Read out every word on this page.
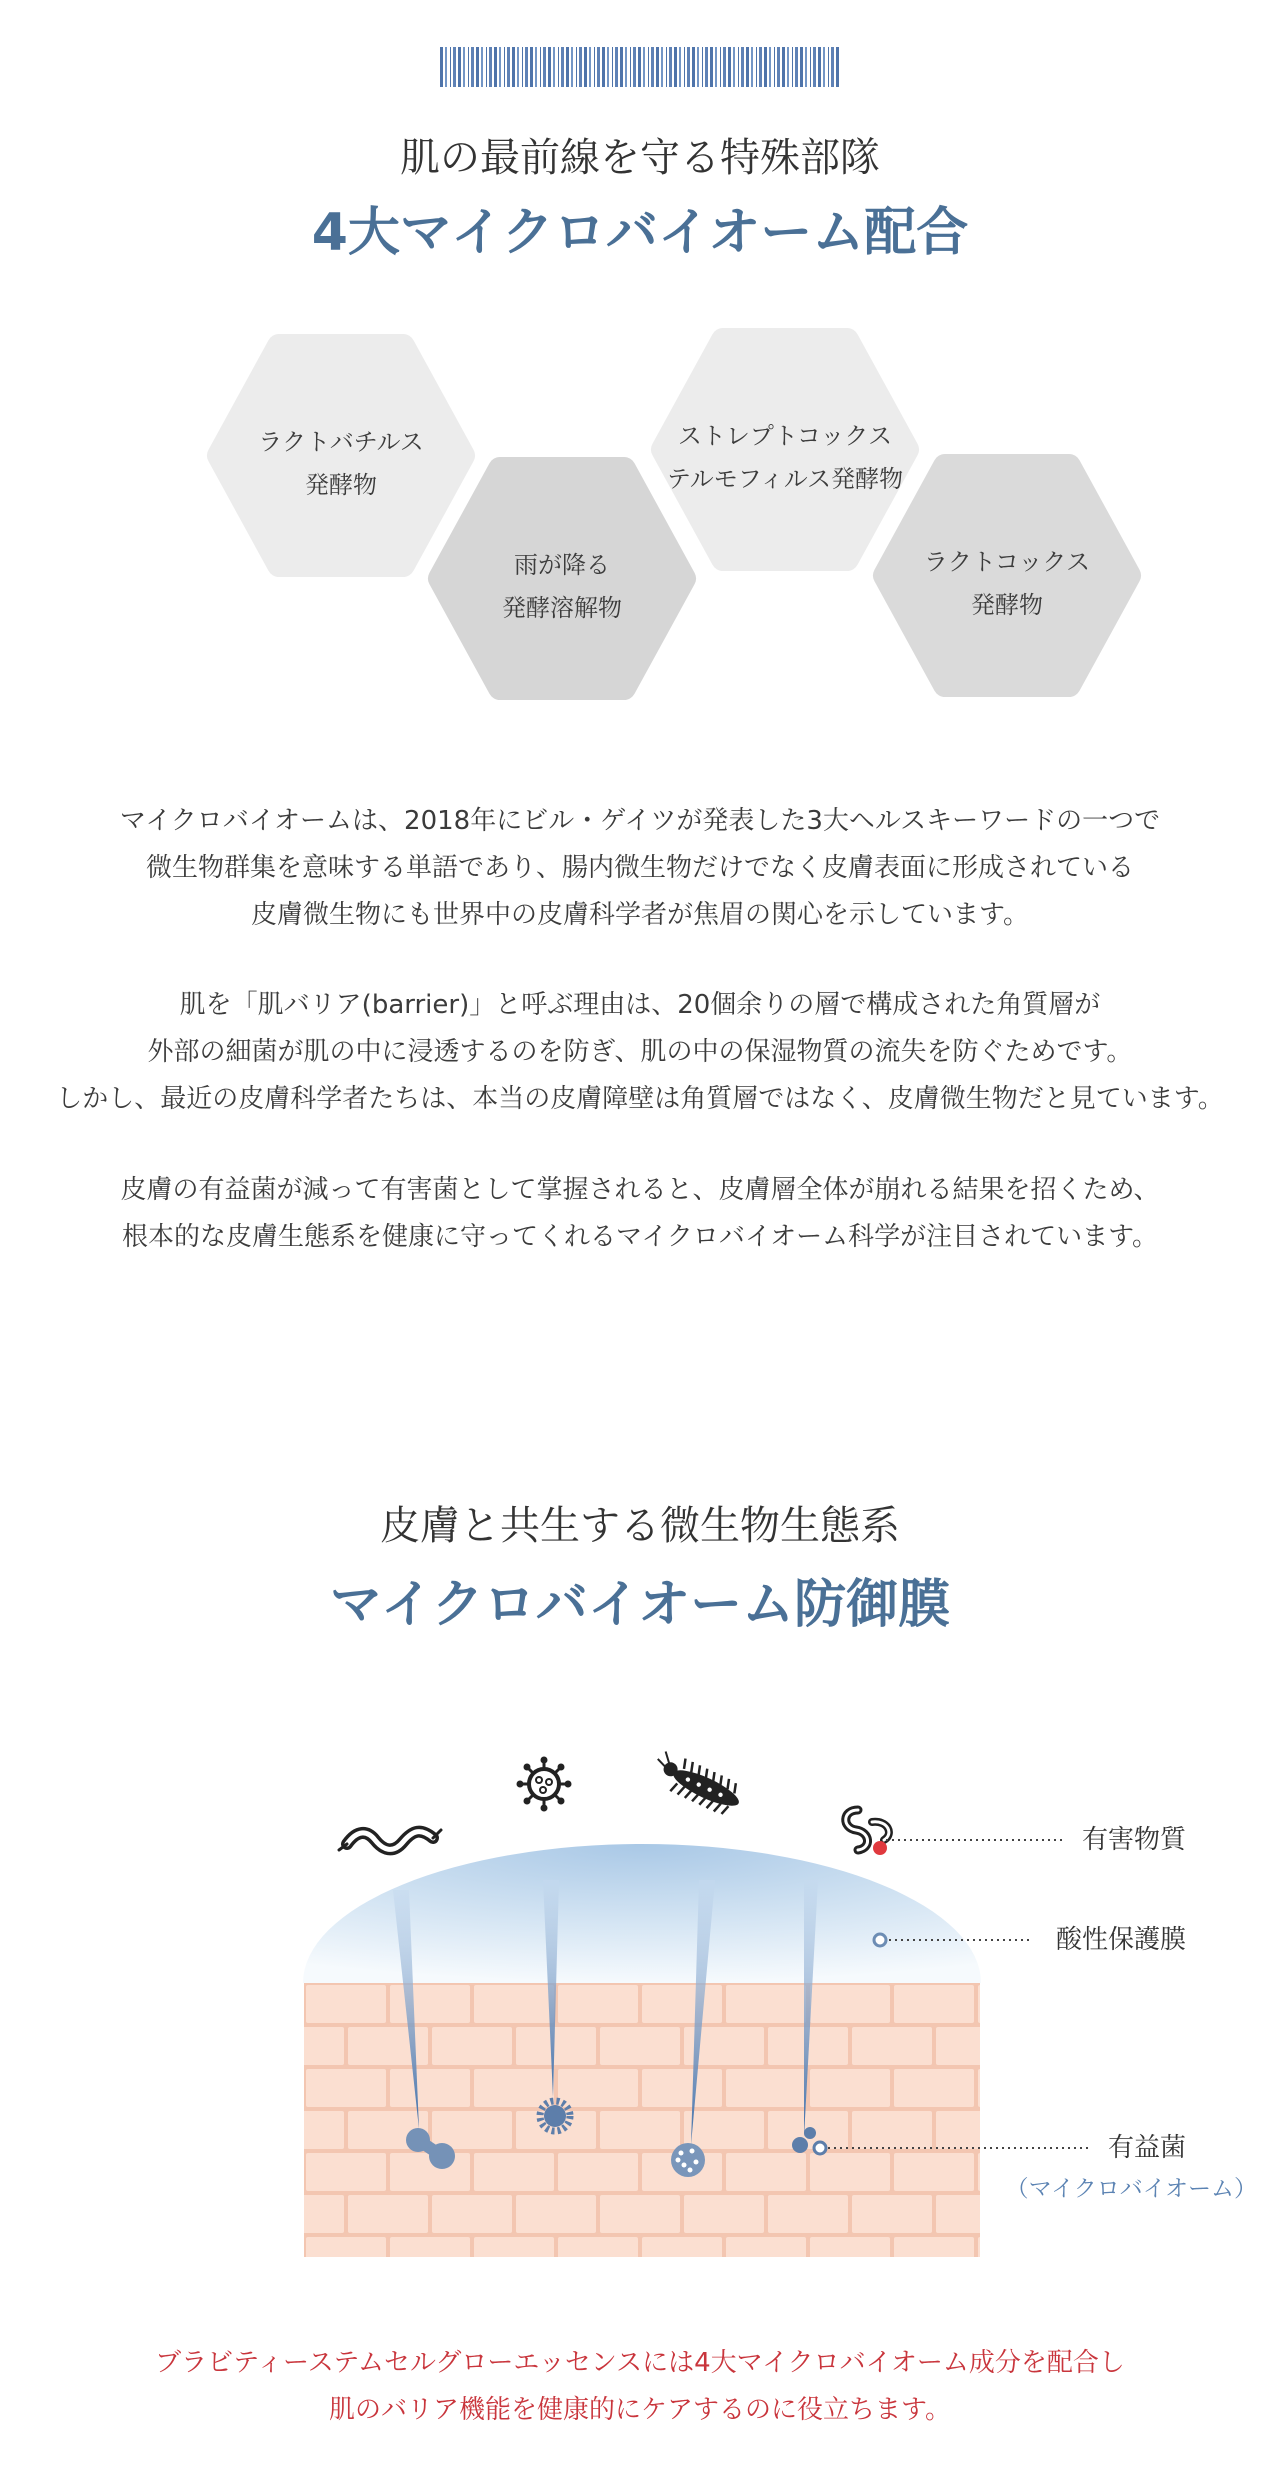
肌の最前線を守る特殊部隊
4大マイクロバイオーム配合
ラクトバチルス
発酵物
雨が降る
発酵溶解物
ストレプトコックス
テルモフィルス発酵物
ラクトコックス
発酵物
マイクロバイオームは、2018年にビル・ゲイツが発表した3大ヘルスキーワードの一つで
微生物群集を意味する単語であり、腸内微生物だけでなく皮膚表面に形成されている
皮膚微生物にも世界中の皮膚科学者が焦眉の関心を示しています。
肌を「肌バリア(barrier)」と呼ぶ理由は、20個余りの層で構成された角質層が
外部の細菌が肌の中に浸透するのを防ぎ、肌の中の保湿物質の流失を防ぐためです。
しかし、最近の皮膚科学者たちは、本当の皮膚障壁は角質層ではなく、皮膚微生物だと見ています。
皮膚の有益菌が減って有害菌として掌握されると、皮膚層全体が崩れる結果を招くため、
根本的な皮膚生態系を健康に守ってくれるマイクロバイオーム科学が注目されています。
皮膚と共生する微生物生態系
マイクロバイオーム防御膜
有害物質
酸性保護膜
有益菌
（マイクロバイオーム）
ブラビティーステムセルグローエッセンスには4大マイクロバイオーム成分を配合し
肌のバリア機能を健康的にケアするのに役立ちます。
